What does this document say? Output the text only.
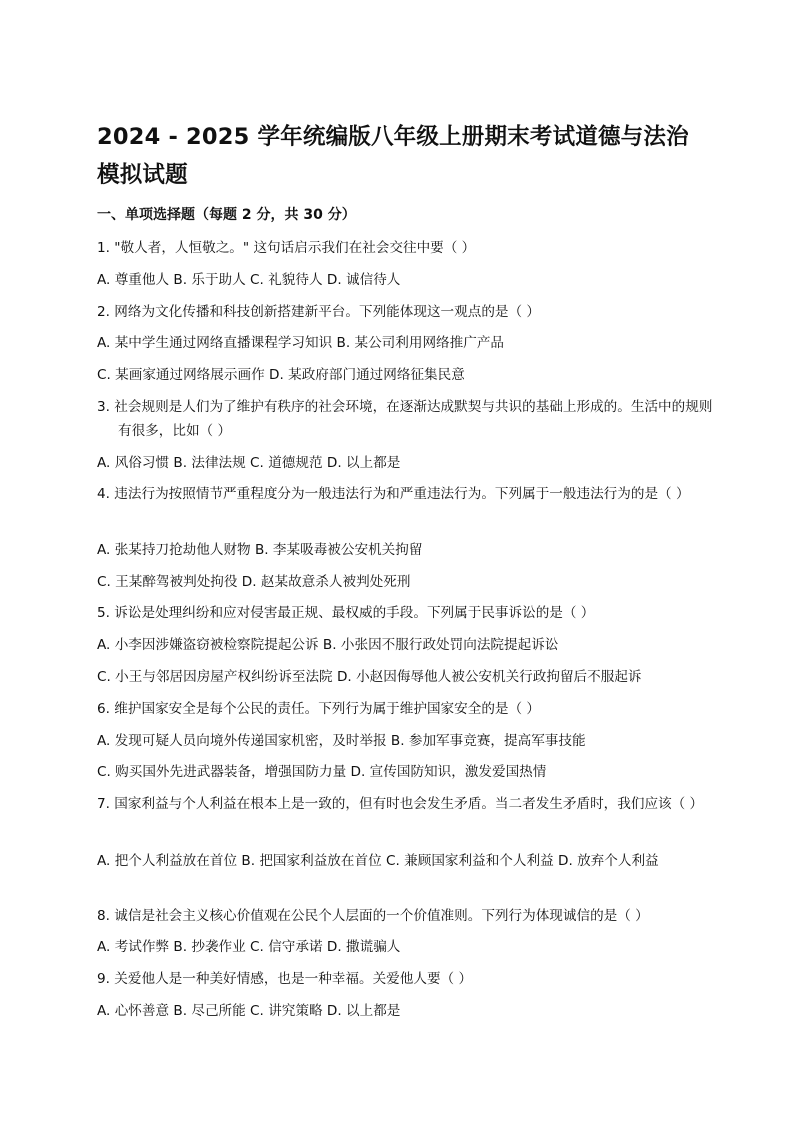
2024 - 2025 学年统编版八年级上册期末考试道德与法治模拟试题
一、单项选择题（每题 2 分，共 30 分）
1. "敬人者，人恒敬之。" 这句话启示我们在社会交往中要（ ）
A. 尊重他人 B. 乐于助人 C. 礼貌待人 D. 诚信待人
2. 网络为文化传播和科技创新搭建新平台。下列能体现这一观点的是（ ）
A. 某中学生通过网络直播课程学习知识 B. 某公司利用网络推广产品
C. 某画家通过网络展示画作 D. 某政府部门通过网络征集民意
3. 社会规则是人们为了维护有秩序的社会环境，在逐渐达成默契与共识的基础上形成的。生活中的规则有很多，比如（ ）
A. 风俗习惯 B. 法律法规 C. 道德规范 D. 以上都是
4. 违法行为按照情节严重程度分为一般违法行为和严重违法行为。下列属于一般违法行为的是（ ）
A. 张某持刀抢劫他人财物 B. 李某吸毒被公安机关拘留
C. 王某醉驾被判处拘役 D. 赵某故意杀人被判处死刑
5. 诉讼是处理纠纷和应对侵害最正规、最权威的手段。下列属于民事诉讼的是（ ）
A. 小李因涉嫌盗窃被检察院提起公诉 B. 小张因不服行政处罚向法院提起诉讼
C. 小王与邻居因房屋产权纠纷诉至法院 D. 小赵因侮辱他人被公安机关行政拘留后不服起诉
6. 维护国家安全是每个公民的责任。下列行为属于维护国家安全的是（ ）
A. 发现可疑人员向境外传递国家机密，及时举报 B. 参加军事竞赛，提高军事技能
C. 购买国外先进武器装备，增强国防力量 D. 宣传国防知识，激发爱国热情
7. 国家利益与个人利益在根本上是一致的，但有时也会发生矛盾。当二者发生矛盾时，我们应该（ ）
A. 把个人利益放在首位 B. 把国家利益放在首位 C. 兼顾国家利益和个人利益 D. 放弃个人利益
8. 诚信是社会主义核心价值观在公民个人层面的一个价值准则。下列行为体现诚信的是（ ）
A. 考试作弊 B. 抄袭作业 C. 信守承诺 D. 撒谎骗人
9. 关爱他人是一种美好情感，也是一种幸福。关爱他人要（ ）
A. 心怀善意 B. 尽己所能 C. 讲究策略 D. 以上都是
